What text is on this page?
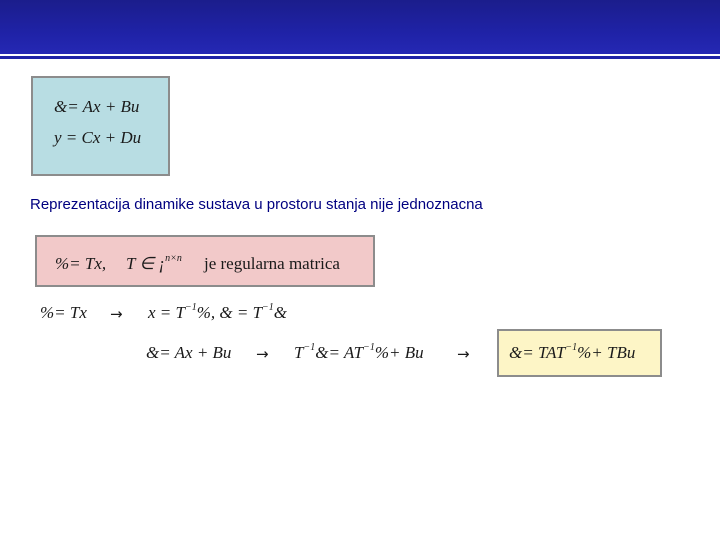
&= Ax + Bu
y = Cx + Du
Reprezentacija dinamike sustava u prostoru stanja nije jednoznacna
%= Tx, T ∈ ¡$^{n\times n}$ je regularna matrica
%= $Tx \to x = T^{-1}\%$, & = $T^{-1}\&$
&= $Ax + Bu \to T^{-1}\&= AT^{-1}\%+ Bu$ → &= $TAT^{-1}\%+$ TBu
